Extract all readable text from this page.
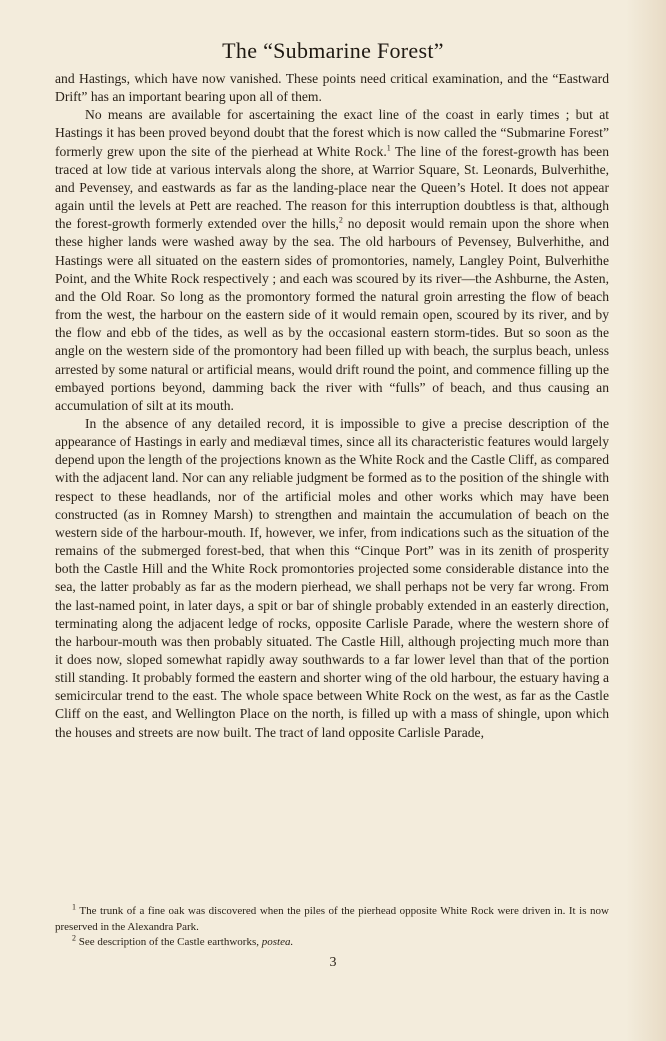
The “Submarine Forest”

and Hastings, which have now vanished. These points need critical examination, and the “Eastward Drift” has an important bearing upon all of them.

No means are available for ascertaining the exact line of the coast in early times ; but at Hastings it has been proved beyond doubt that the forest which is now called the “Submarine Forest” formerly grew upon the site of the pierhead at White Rock.$^1$ The line of the forest-growth has been traced at low tide at various intervals along the shore, at Warrior Square, St. Leonards, Bulverhithe, and Pevensey, and eastwards as far as the landing-place near the Queen’s Hotel. It does not appear again until the levels at Pett are reached. The reason for this interruption doubtless is that, although the forest-growth formerly extended over the hills,$^2$ no deposit would remain upon the shore when these higher lands were washed away by the sea. The old harbours of Pevensey, Bulverhithe, and Hastings were all situated on the eastern sides of promontories, namely, Langley Point, Bulverhithe Point, and the White Rock respectively ; and each was scoured by its river—the Ashburne, the Asten, and the Old Roar. So long as the promontory formed the natural groin arresting the flow of beach from the west, the harbour on the eastern side of it would remain open, scoured by its river, and by the flow and ebb of the tides, as well as by the occasional eastern storm-tides. But so soon as the angle on the western side of the promontory had been filled up with beach, the surplus beach, unless arrested by some natural or artificial means, would drift round the point, and commence filling up the embayed portions beyond, damming back the river with “fulls” of beach, and thus causing an accumulation of silt at its mouth.

In the absence of any detailed record, it is impossible to give a precise description of the appearance of Hastings in early and mediæval times, since all its characteristic features would largely depend upon the length of the projections known as the White Rock and the Castle Cliff, as compared with the adjacent land. Nor can any reliable judgment be formed as to the position of the shingle with respect to these headlands, nor of the artificial moles and other works which may have been constructed (as in Romney Marsh) to strengthen and maintain the accumulation of beach on the western side of the harbour-mouth. If, however, we infer, from indications such as the situation of the remains of the submerged forest-bed, that when this “Cinque Port” was in its zenith of prosperity both the Castle Hill and the White Rock promontories projected some considerable distance into the sea, the latter probably as far as the modern pierhead, we shall perhaps not be very far wrong. From the last-named point, in later days, a spit or bar of shingle probably extended in an easterly direction, terminating along the adjacent ledge of rocks, opposite Carlisle Parade, where the western shore of the harbour-mouth was then probably situated. The Castle Hill, although projecting much more than it does now, sloped somewhat rapidly away southwards to a far lower level than that of the portion still standing. It probably formed the eastern and shorter wing of the old harbour, the estuary having a semicircular trend to the east. The whole space between White Rock on the west, as far as the Castle Cliff on the east, and Wellington Place on the north, is filled up with a mass of shingle, upon which the houses and streets are now built. The tract of land opposite Carlisle Parade,

$^1$ The trunk of a fine oak was discovered when the piles of the pierhead opposite White Rock were driven in. It is now preserved in the Alexandra Park.

$^2$ See description of the Castle earthworks, postea.

3
